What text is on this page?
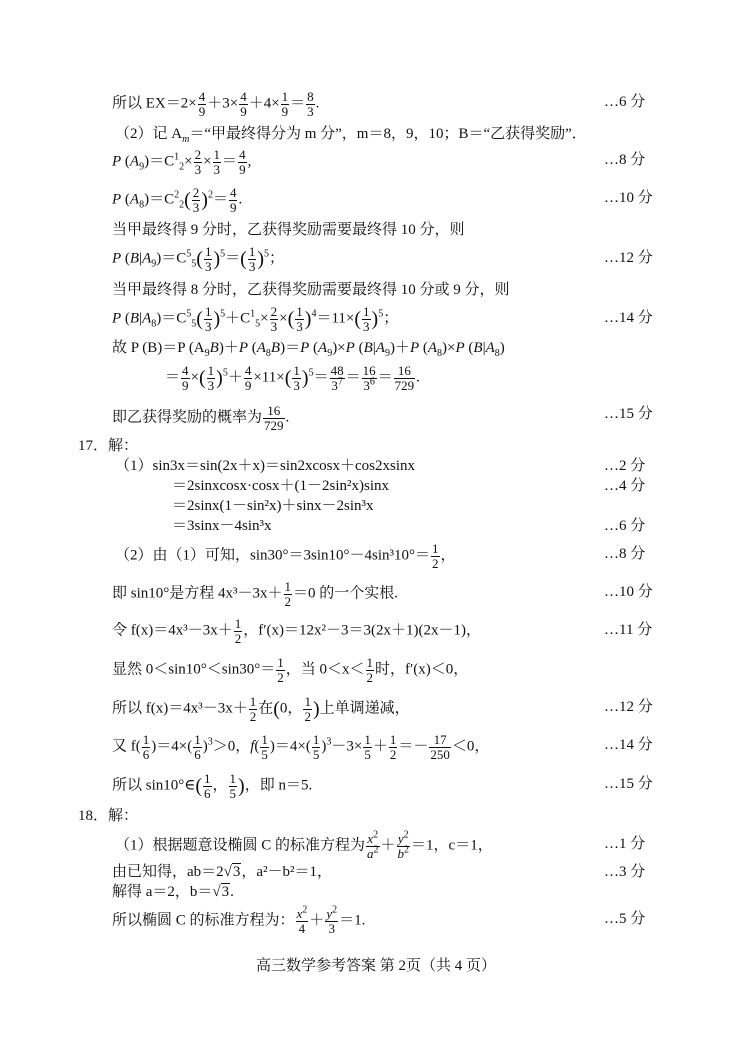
所以 $EX=2\times \frac{4}{9} +3\times \frac{4}{9} +4\times \frac{1}{9} = \frac{8}{3}$ .	…6 分
（2）记 $A_m=“$甲最终得分为 m 分”，m＝8，9，10；B＝“乙获得奖励”．
P $(A_9)=C^1_2\times \frac{2}{3} \times \frac{1}{3} = \frac{4}{9}$ ,	…8 分
P $(A_8)=C^2_2( \frac{2}{3} )^2= \frac{4}{9}$ .	…10 分
当甲最终得 9 分时，乙获得奖励需要最终得 10 分，则
P $(B|A_9)=C^5_5( \frac{1}{3} )^5=( \frac{1}{3} )^5$；	…12 分
当甲最终得 8 分时，乙获得奖励需要最终得 10 分或 9 分，则
P $(B|A_8)=C^5_5( \frac{1}{3} )^5+C^1_5\times \frac{2}{3}$ ×( $\frac{1}{3} )^4=11\times( \frac{1}{3} )^5$；	…14 分
故 P (B)＝P $(A_9B)+P$ $(A_8B)=P$ $(A_9)\times P$ $(B|A_9)+P$ $(A_8)\times P$ $(B|A_8)$
＝ $\frac{4}{9}$ ×( $\frac{1}{3} )^5+ \frac{4}{9} \times 11\times( \frac{1}{3} )^5= \frac{48}{3^7} = \frac{16}{3^6} = \frac{16}{729}$ .
即乙获得奖励的概率为 $\frac{16}{729}$ .	…15 分
17．解：
（1）sin3x＝sin(2x＋x)＝sin2xcosx＋cos2xsinx	…2 分
＝2sinxcosx·cosx＋(1－2sin²x)sinx	…4 分
＝2sinx(1－sin²x)＋sinx－2sin³x
＝3sinx－4sin³x	…6 分
（2）由（1）可知，$\sin 30^\circ=3\sin 10^\circ-4\sin^310^\circ= \frac{1}{2}$ ，	…8 分
即 sin10°是方程 $4x^3-3x+ \frac{1}{2} =0$ 的一个实根.	…10 分
令 $f(x)=4x^3-3x+ \frac{1}{2}$ ，f′(x)＝12x²－3＝3(2x＋1)(2x－1)，	…11 分
显然 $0<\sin 10^\circ<\sin 30^\circ= \frac{1}{2}$ ，当 $0<x< \frac{1}{2}$ 时，f′(x)＜0，
所以 $f(x)=4x^3-3x+ \frac{1}{2}$ 在(0， $\frac{1}{2}$ )上单调递减，	…12 分
又 $f( \frac{1}{6} )=4\times( \frac{1}{6} )^3>0$，$f( \frac{1}{5} )=4\times( \frac{1}{5} )^3-3\times \frac{1}{5} + \frac{1}{2} =- \frac{17}{250} <0$，	…14 分
所以 sin10°∈( $\frac{1}{6}$ ， $\frac{1}{5}$ )，即 n＝5.	…15 分
18．解：
（1）根据题意设椭圆 C 的标准方程为 $\frac{x^2}{a^2} + \frac{y^2}{b^2} =1$，c＝1，	…1 分
由已知得，ab＝2√3，a²－b²＝1，	…3 分
解得 a＝2，b＝√3.
所以椭圆 C 的标准方程为： $\frac{x^2}{4} + \frac{y^2}{3} =1$.	…5 分
高三数学参考答案 第 2页（共 4 页）
